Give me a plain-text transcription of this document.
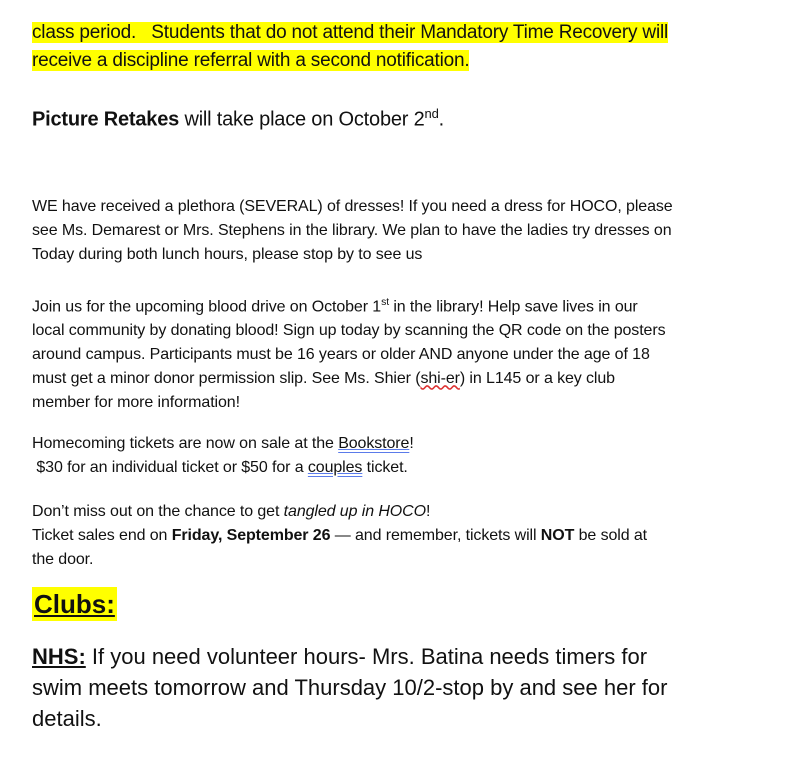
class period.   Students that do not attend their Mandatory Time Recovery will
receive a discipline referral with a second notification.
Picture Retakes will take place on October 2nd.
WE have received a plethora (SEVERAL) of dresses! If you need a dress for HOCO, please
see Ms. Demarest or Mrs. Stephens in the library. We plan to have the ladies try dresses on
Today during both lunch hours, please stop by to see us
Join us for the upcoming blood drive on October 1st in the library! Help save lives in our
local community by donating blood! Sign up today by scanning the QR code on the posters
around campus. Participants must be 16 years or older AND anyone under the age of 18
must get a minor donor permission slip. See Ms. Shier (shi-er) in L145 or a key club
member for more information!
Homecoming tickets are now on sale at the Bookstore!
$30 for an individual ticket or $50 for a couples ticket.
Don’t miss out on the chance to get tangled up in HOCO!
Ticket sales end on Friday, September 26 — and remember, tickets will NOT be sold at
the door.
Clubs:
NHS: If you need volunteer hours- Mrs. Batina needs timers for
swim meets tomorrow and Thursday 10/2-stop by and see her for
details.
